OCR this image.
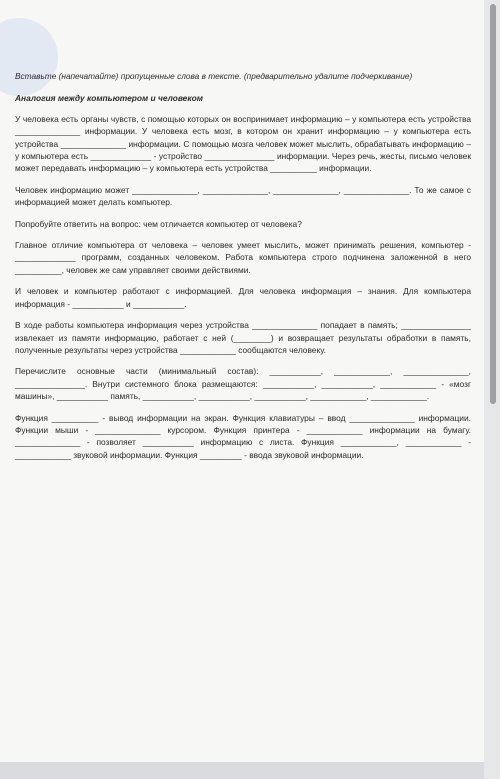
Вставьте (напечатайте) пропущенные слова в тексте. (предварительно удалите подчеркивание)

Аналогия между компьютером и человеком

У человека есть органы чувств, с помощью которых он воспринимает информацию – у компьютера есть устройства ______________ информации. У человека есть мозг, в котором он хранит информацию – у компьютера есть устройства ______________ информации. С помощью мозга человек может мыслить, обрабатывать информацию – у компьютера есть _____________ - устройство _______________ информации. Через речь, жесты, письмо человек может передавать информацию – у компьютера есть устройства __________ информации.

Человек информацию может ______________, ______________, ______________, ______________. То же самое с информацией может делать компьютер.

Попробуйте ответить на вопрос: чем отличается компьютер от человека?

Главное отличие компьютера от человека – человек умеет мыслить, может принимать решения, компьютер - _____________ программ, созданных человеком. Работа компьютера строго подчинена заложенной в него __________, человек же сам управляет своими действиями.

И человек и компьютер работают с информацией. Для человека информация – знания. Для компьютера информация - ___________ и ___________.

В ходе работы компьютера информация через устройства ______________ попадает в память; _______________ извлекает из памяти информацию, работает с ней (________) и возвращает результаты обработки в память, полученные результаты через устройства ____________ сообщаются человеку.

Перечислите основные части (минимальный состав): ___________, ____________, ______________, _______________. Внутри системного блока размещаются: ___________, ___________, ____________ - «мозг машины», ___________ память, ___________, ___________, ___________, ____________, ____________.

Функция __________ - вывод информации на экран. Функция клавиатуры – ввод ______________ информации. Функции мыши - ______________ курсором. Функция принтера - ____________ информации на бумагу. ______________ - позволяет ___________ информацию с листа. Функция ____________, ____________ - ____________ звуковой информации. Функция _________ - ввода звуковой информации.
